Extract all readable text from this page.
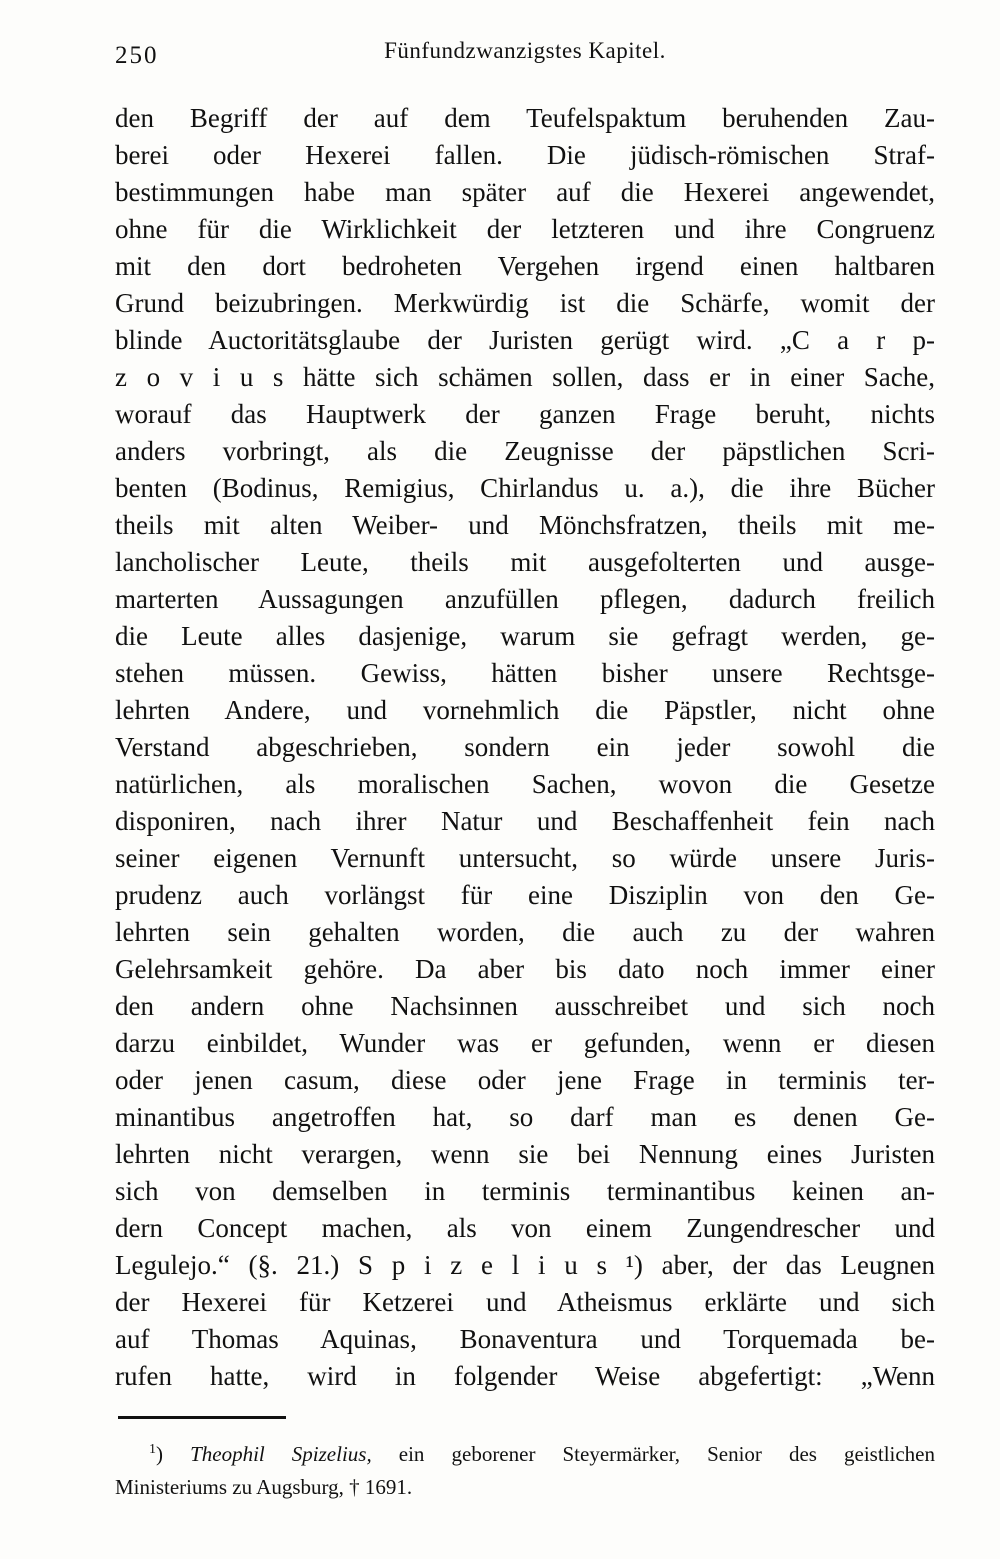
250	Fünfundzwanzigstes Kapitel.
den Begriff der auf dem Teufelspaktum beruhenden Zau-
berei oder Hexerei fallen. Die jüdisch-römischen Straf-
bestimmungen habe man später auf die Hexerei angewendet,
ohne für die Wirklichkeit der letzteren und ihre Congruenz
mit den dort bedroheten Vergehen irgend einen haltbaren
Grund beizubringen. Merkwürdig ist die Schärfe, womit der
blinde Auctoritätsglaube der Juristen gerügt wird. „C a r p-
z o v i u s hätte sich schämen sollen, dass er in einer Sache,
worauf das Hauptwerk der ganzen Frage beruht, nichts
anders vorbringt, als die Zeugnisse der päpstlichen Scri-
benten (Bodinus, Remigius, Chirlandus u. a.), die ihre Bücher
theils mit alten Weiber- und Mönchsfratzen, theils mit me-
lancholischer Leute, theils mit ausgefolterten und ausge-
marterten Aussagungen anzufüllen pflegen, dadurch freilich
die Leute alles dasjenige, warum sie gefragt werden, ge-
stehen müssen. Gewiss, hätten bisher unsere Rechtsge-
lehrten Andere, und vornehmlich die Päpstler, nicht ohne
Verstand abgeschrieben, sondern ein jeder sowohl die
natürlichen, als moralischen Sachen, wovon die Gesetze
disponiren, nach ihrer Natur und Beschaffenheit fein nach
seiner eigenen Vernunft untersucht, so würde unsere Juris-
prudenz auch vorlängst für eine Disziplin von den Ge-
lehrten sein gehalten worden, die auch zu der wahren
Gelehrsamkeit gehöre. Da aber bis dato noch immer einer
den andern ohne Nachsinnen ausschreibet und sich noch
darzu einbildet, Wunder was er gefunden, wenn er diesen
oder jenen casum, diese oder jene Frage in terminis ter-
minantibus angetroffen hat, so darf man es denen Ge-
lehrten nicht verargen, wenn sie bei Nennung eines Juristen
sich von demselben in terminis terminantibus keinen an-
dern Concept machen, als von einem Zungendrescher und
Legulejo.“ (§. 21.) S p i z e l i u s ¹) aber, der das Leugnen
der Hexerei für Ketzerei und Atheismus erklärte und sich
auf Thomas Aquinas, Bonaventura und Torquemada be-
rufen hatte, wird in folgender Weise abgefertigt: „Wenn
$^1$) Theophil Spizelius, ein geborener Steyermärker, Senior des geistlichen
Ministeriums zu Augsburg, † 1691.
